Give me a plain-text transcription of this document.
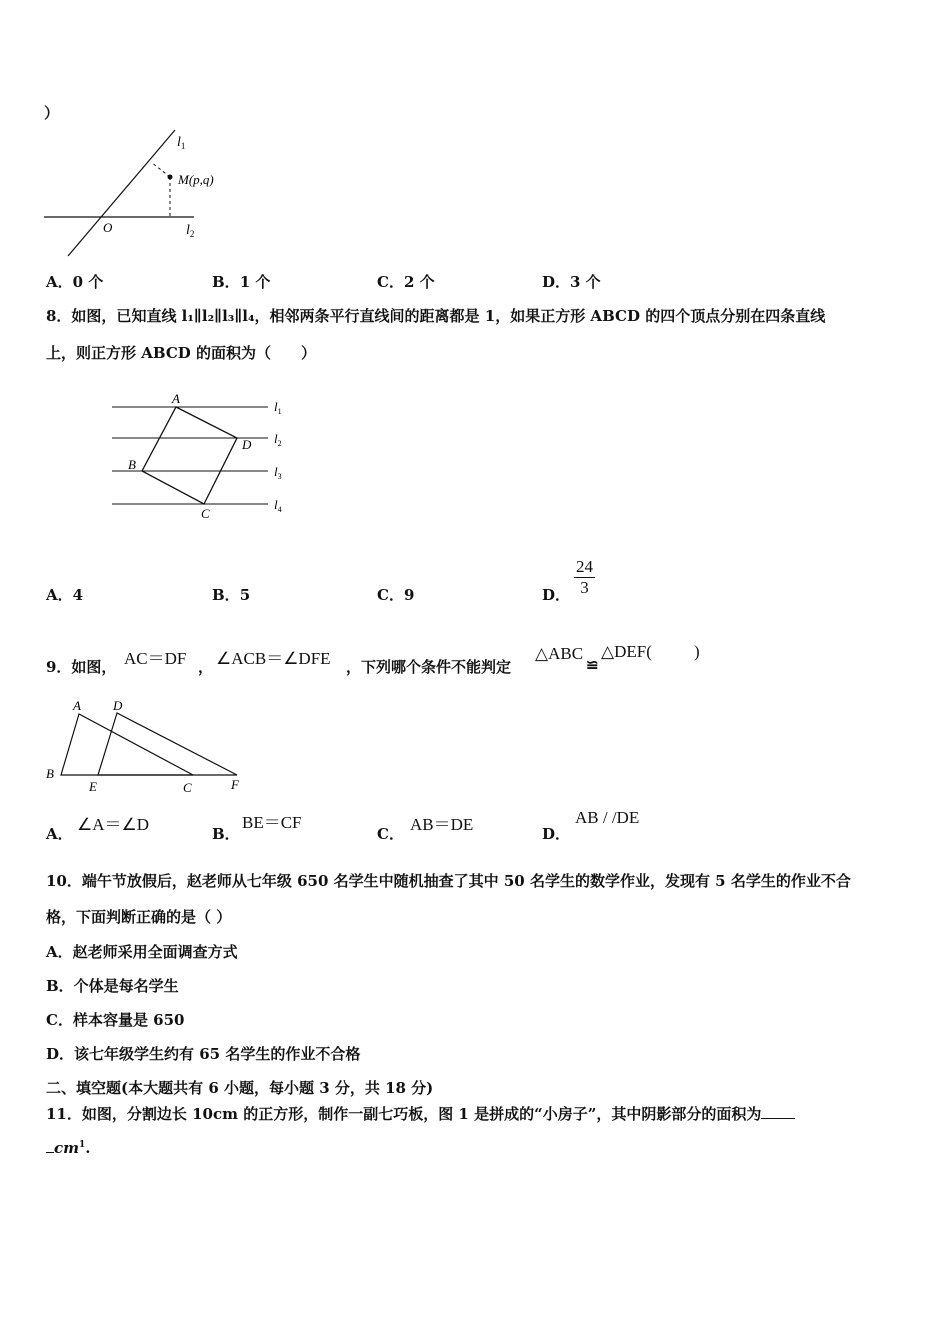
）
$l_1$
M(p,q)
O	$l_2$
A．0 个	B．1 个	C．2 个	D．3 个
8．如图，已知直线 l₁∥l₂∥l₃∥l₄，相邻两条平行直线间的距离都是 1，如果正方形 ABCD 的四个顶点分别在四条直线
上，则正方形 ABCD 的面积为（　　）
A
D
B
C
$l_1$
$l_2$
$l_3$
$l_4$
A．4	B．5	C．9	D． $\frac{24}{3}$
9．如图， AC＝DF ， ∠ACB＝∠DFE ，下列哪个条件不能判定
△ABC
≌
△DEF( )
A D
B
E	C	F
A． ∠A＝∠D	B．
BE＝CF
C． AB＝DE	D．
AB / /DE
10．端午节放假后，赵老师从七年级 650 名学生中随机抽查了其中 50 名学生的数学作业，发现有 5 名学生的作业不合
格，下面判断正确的是（ ）
A．赵老师采用全面调查方式
B．个体是每名学生
C．样本容量是 650
D．该七年级学生约有 65 名学生的作业不合格
二、填空题(本大题共有 6 小题，每小题 3 分，共 18 分)
11．如图，分割边长 10cm 的正方形，制作一副七巧板，图 1 是拼成的“小房子”，其中阴影部分的面积为
$cm^1$.
